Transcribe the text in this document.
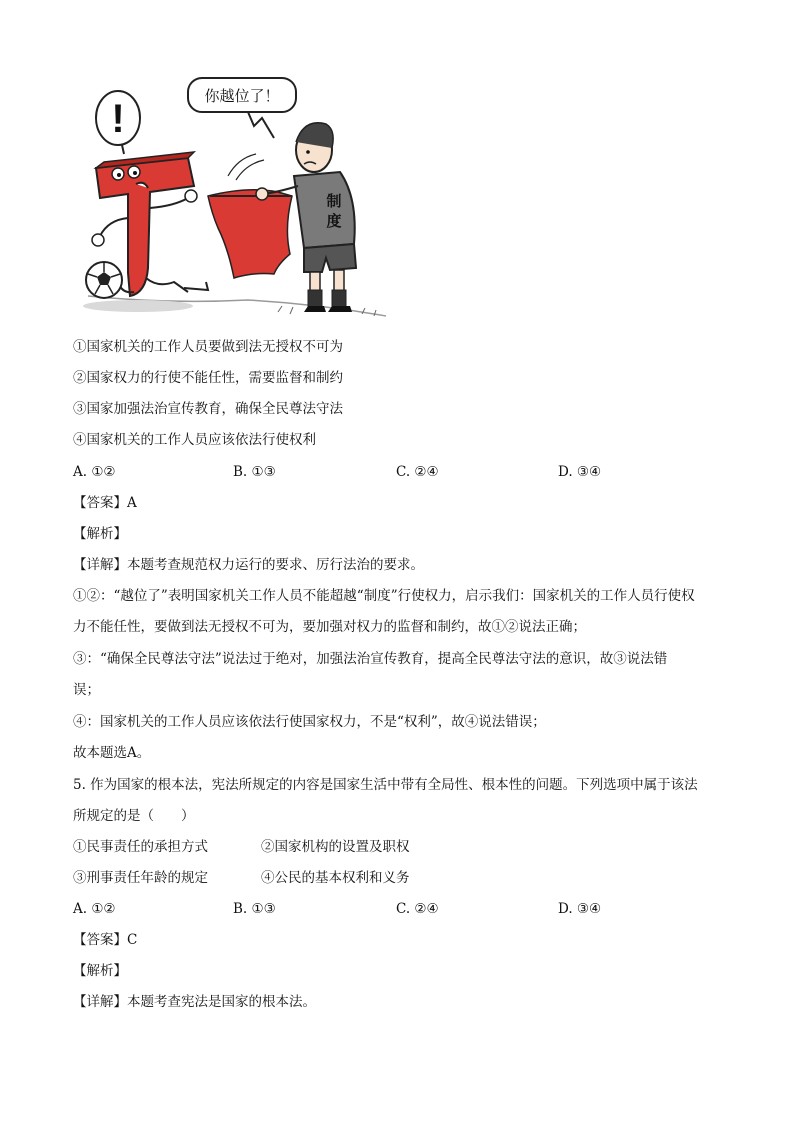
!
你越位了！
制
度
①国家机关的工作人员要做到法无授权不可为
②国家权力的行使不能任性，需要监督和制约
③国家加强法治宣传教育，确保全民尊法守法
④国家机关的工作人员应该依法行使权利
A. ①②	B. ①③	C. ②④	D. ③④
【答案】A
【解析】
【详解】本题考查规范权力运行的要求、厉行法治的要求。
①②：“越位了”表明国家机关工作人员不能超越“制度”行使权力，启示我们：国家机关的工作人员行使权
力不能任性，要做到法无授权不可为，要加强对权力的监督和制约，故①②说法正确；
③：“确保全民尊法守法”说法过于绝对，加强法治宣传教育，提高全民尊法守法的意识，故③说法错
误；
④：国家机关的工作人员应该依法行使国家权力，不是“权利”，故④说法错误；
故本题选A。
5. 作为国家的根本法，宪法所规定的内容是国家生活中带有全局性、根本性的问题。下列选项中属于该法
所规定的是（　　）
①民事责任的承担方式	②国家机构的设置及职权
③刑事责任年龄的规定	④公民的基本权利和义务
A. ①②	B. ①③	C. ②④	D. ③④
【答案】C
【解析】
【详解】本题考查宪法是国家的根本法。
